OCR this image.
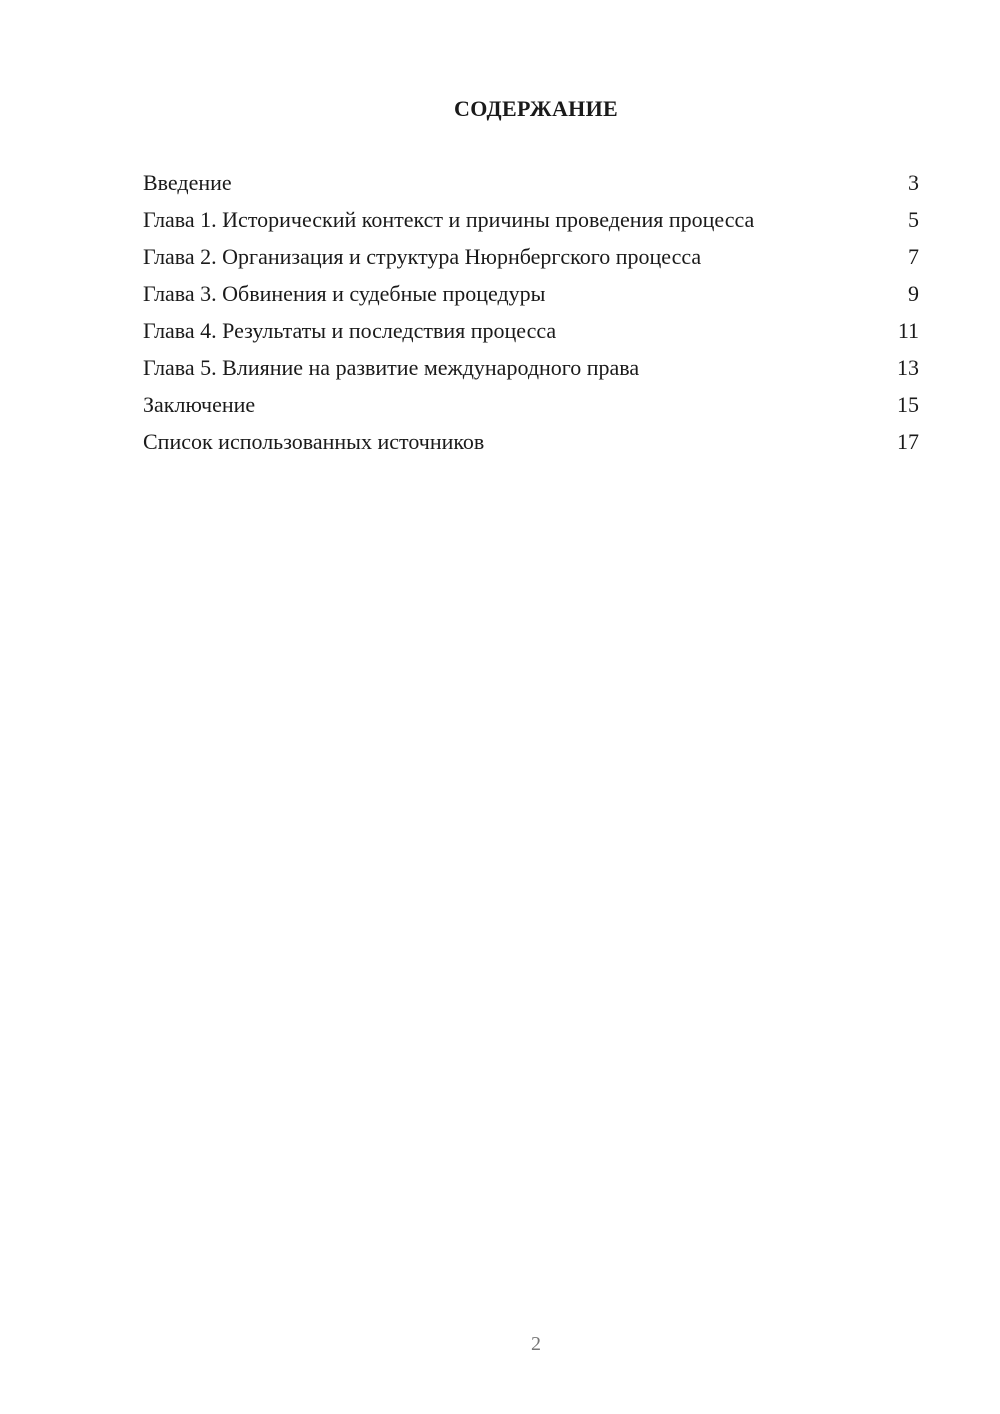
СОДЕРЖАНИЕ
Введение	3
Глава 1. Исторический контекст и причины проведения процесса	5
Глава 2. Организация и структура Нюрнбергского процесса	7
Глава 3. Обвинения и судебные процедуры	9
Глава 4. Результаты и последствия процесса	11
Глава 5. Влияние на развитие международного права	13
Заключение	15
Список использованных источников	17
2
